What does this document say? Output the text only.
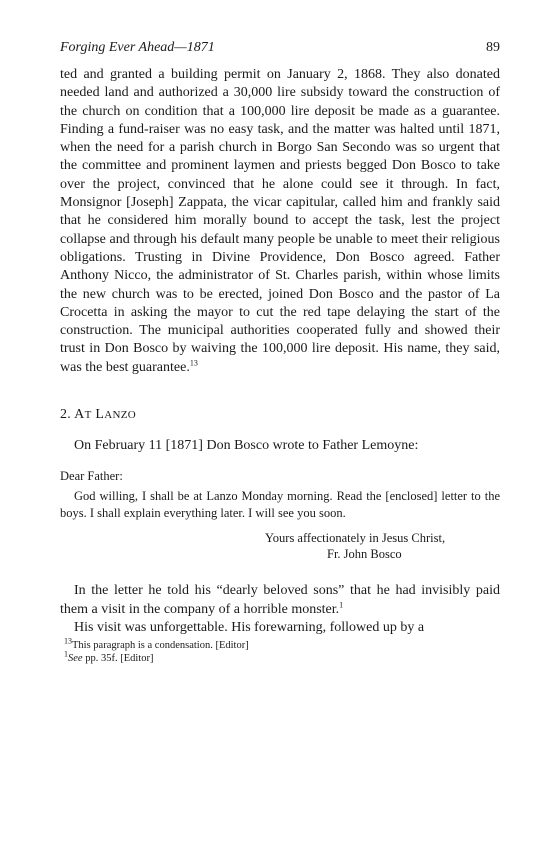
Forging Ever Ahead—1871	89

ted and granted a building permit on January 2, 1868. They also donated needed land and authorized a 30,000 lire subsidy toward the construction of the church on condition that a 100,000 lire deposit be made as a guarantee. Finding a fund-raiser was no easy task, and the matter was halted until 1871, when the need for a parish church in Borgo San Secondo was so urgent that the committee and prominent laymen and priests begged Don Bosco to take over the project, convinced that he alone could see it through. In fact, Monsignor [Joseph] Zappata, the vicar capitular, called him and frankly said that he considered him morally bound to accept the task, lest the project collapse and through his default many people be unable to meet their religious obligations. Trusting in Divine Providence, Don Bosco agreed. Father Anthony Nicco, the administrator of St. Charles parish, within whose limits the new church was to be erected, joined Don Bosco and the pastor of La Crocetta in asking the mayor to cut the red tape delaying the start of the construction. The municipal authorities cooperated fully and showed their trust in Don Bosco by waiving the 100,000 lire deposit. His name, they said, was the best guarantee.$^{13}$

2. AT LANZO

On February 11 [1871] Don Bosco wrote to Father Lemoyne:

Dear Father:

God willing, I shall be at Lanzo Monday morning. Read the [enclosed] letter to the boys. I shall explain everything later. I will see you soon.

Yours affectionately in Jesus Christ,
Fr. John Bosco

In the letter he told his “dearly beloved sons” that he had invisibly paid them a visit in the company of a horrible monster.$^1$

His visit was unforgettable. His forewarning, followed up by a

$^{13}$This paragraph is a condensation. [Editor]
$^1$See pp. 35f. [Editor]
